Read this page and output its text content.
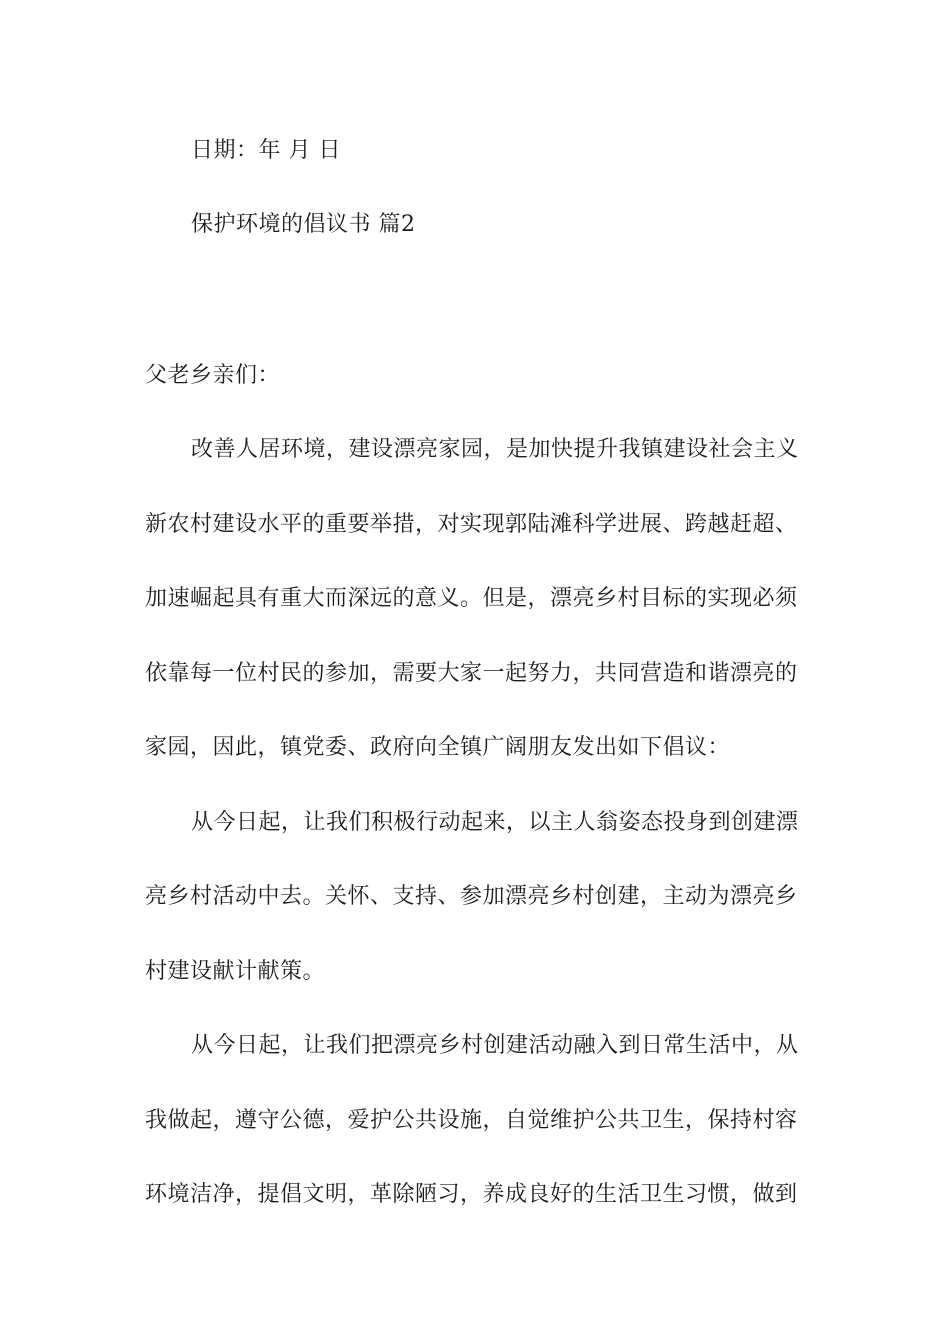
日期：年 月 日
保护环境的倡议书 篇2
父老乡亲们：
改善人居环境，建设漂亮家园，是加快提升我镇建设社会主义
新农村建设水平的重要举措，对实现郭陆滩科学进展、跨越赶超、
加速崛起具有重大而深远的意义。但是，漂亮乡村目标的实现必须
依靠每一位村民的参加，需要大家一起努力，共同营造和谐漂亮的
家园，因此，镇党委、政府向全镇广阔朋友发出如下倡议：
从今日起，让我们积极行动起来，以主人翁姿态投身到创建漂
亮乡村活动中去。关怀、支持、参加漂亮乡村创建，主动为漂亮乡
村建设献计献策。
从今日起，让我们把漂亮乡村创建活动融入到日常生活中，从
我做起，遵守公德，爱护公共设施，自觉维护公共卫生，保持村容
环境洁净，提倡文明，革除陋习，养成良好的生活卫生习惯，做到
